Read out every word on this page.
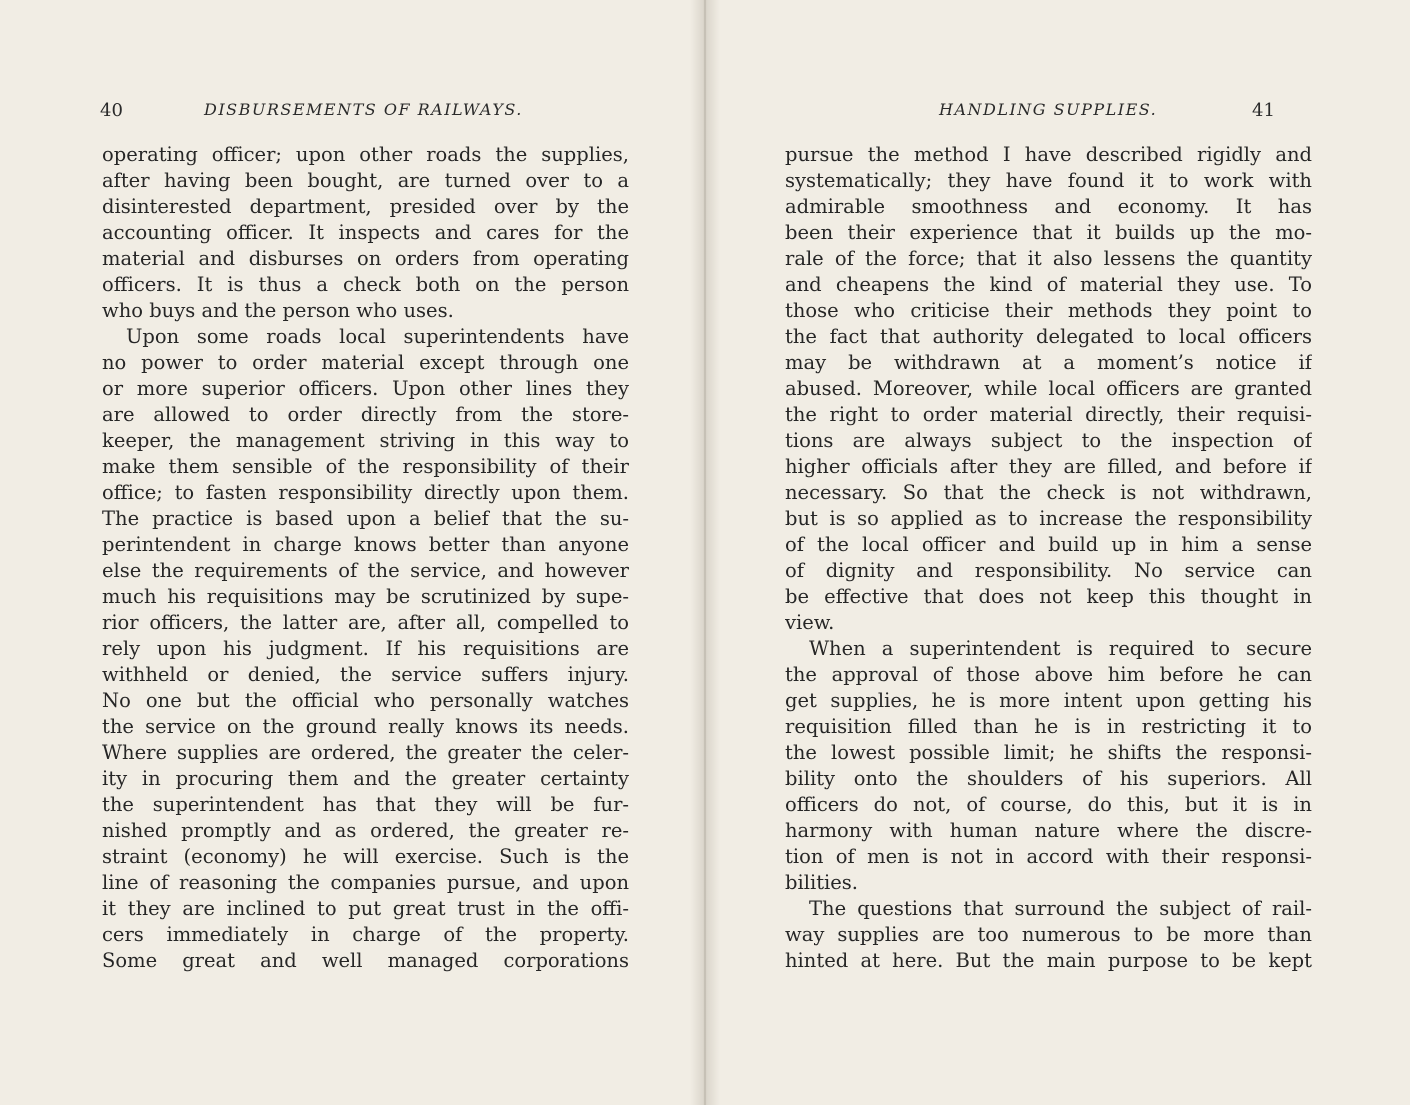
40	DISBURSEMENTS OF RAILWAYS.
operating officer; upon other roads the supplies,
after having been bought, are turned over to a
disinterested department, presided over by the
accounting officer. It inspects and cares for the
material and disburses on orders from operating
officers. It is thus a check both on the person
who buys and the person who uses.
Upon some roads local superintendents have
no power to order material except through one
or more superior officers. Upon other lines they
are allowed to order directly from the store-
keeper, the management striving in this way to
make them sensible of the responsibility of their
office; to fasten responsibility directly upon them.
The practice is based upon a belief that the su-
perintendent in charge knows better than anyone
else the requirements of the service, and however
much his requisitions may be scrutinized by supe-
rior officers, the latter are, after all, compelled to
rely upon his judgment. If his requisitions are
withheld or denied, the service suffers injury.
No one but the official who personally watches
the service on the ground really knows its needs.
Where supplies are ordered, the greater the celer-
ity in procuring them and the greater certainty
the superintendent has that they will be fur-
nished promptly and as ordered, the greater re-
straint (economy) he will exercise. Such is the
line of reasoning the companies pursue, and upon
it they are inclined to put great trust in the offi-
cers immediately in charge of the property.
Some great and well managed corporations
HANDLING SUPPLIES.	41
pursue the method I have described rigidly and
systematically; they have found it to work with
admirable smoothness and economy. It has
been their experience that it builds up the mo-
rale of the force; that it also lessens the quantity
and cheapens the kind of material they use. To
those who criticise their methods they point to
the fact that authority delegated to local officers
may be withdrawn at a moment’s notice if
abused. Moreover, while local officers are granted
the right to order material directly, their requisi-
tions are always subject to the inspection of
higher officials after they are filled, and before if
necessary. So that the check is not withdrawn,
but is so applied as to increase the responsibility
of the local officer and build up in him a sense
of dignity and responsibility. No service can
be effective that does not keep this thought in
view.
When a superintendent is required to secure
the approval of those above him before he can
get supplies, he is more intent upon getting his
requisition filled than he is in restricting it to
the lowest possible limit; he shifts the responsi-
bility onto the shoulders of his superiors. All
officers do not, of course, do this, but it is in
harmony with human nature where the discre-
tion of men is not in accord with their responsi-
bilities.
The questions that surround the subject of rail-
way supplies are too numerous to be more than
hinted at here. But the main purpose to be kept
